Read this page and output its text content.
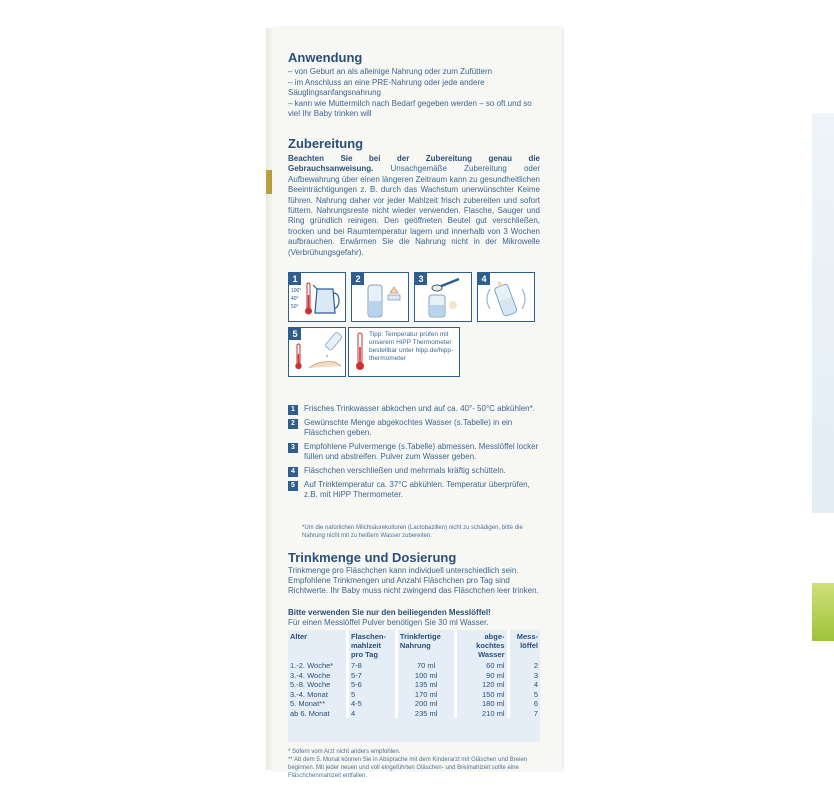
Anwendung
– von Geburt an als alleinige Nahrung oder zum Zufüttern
– im Anschluss an eine PRE-Nahrung oder jede andere Säuglingsanfangsnahrung
– kann wie Muttermilch nach Bedarf gegeben werden – so oft und so viel Ihr Baby trinken will
Zubereitung
Beachten Sie bei der Zubereitung genau die Gebrauchsanweisung. Unsachgemäße Zubereitung oder Aufbewahrung über einen längeren Zeitraum kann zu gesundheitlichen Beeinträchtigungen z. B. durch das Wachstum unerwünschter Keime führen. Nahrung daher vor jeder Mahlzeit frisch zubereiten und sofort füttern. Nahrungsreste nicht wieder verwenden. Flasche, Sauger und Ring gründlich reinigen. Den geöffneten Beutel gut verschließen, trocken und bei Raumtemperatur lagern und innerhalb von 3 Wochen aufbrauchen. Erwärmen Sie die Nahrung nicht in der Mikrowelle (Verbrühungsgefahr).
1
100°
40°
50°
2	3	4
5	Tipp: Temperatur prüfen mit unserem HiPP Thermometer bestellbar unter hipp.de/hipp-thermometer
1	Frisches Trinkwasser abkochen und auf ca. 40°- 50°C abkühlen*.
2	Gewünschte Menge abgekochtes Wasser (s.Tabelle) in ein Fläschchen geben.
3	Empfohlene Pulvermenge (s.Tabelle) abmessen. Messlöffel locker füllen und abstreifen. Pulver zum Wasser geben.
4	Fläschchen verschließen und mehrmals kräftig schütteln.
5	Auf Trinktemperatur ca. 37°C abkühlen. Temperatur überprüfen, z.B. mit HiPP Thermometer.
*Um die natürlichen Milchsäurekulturen (Lactobazillen) nicht zu schädigen, bitte die Nahrung nicht mit zu heißem Wasser zubereiten.
Trinkmenge und Dosierung
Trinkmenge pro Fläschchen kann individuell unterschiedlich sein. Empfohlene Trinkmengen und Anzahl Fläschchen pro Tag sind Richtwerte. Ihr Baby muss nicht zwingend das Fläschchen leer trinken.
Bitte verwenden Sie nur den beiliegenden Messlöffel!
Für einen Messlöffel Pulver benötigen Sie 30 ml Wasser.
Alter	Flaschen-mahlzeit pro Tag	Trinkfertige Nahrung	abge-kochtes Wasser	Mess-löffel
1.-2. Woche*	7-8	70 ml	60 ml	2
3.-4. Woche	5-7	100 ml	90 ml	3
5.-8. Woche	5-6	135 ml	120 ml	4
3.-4. Monat	5	170 ml	150 ml	5
5. Monat**	4-5	200 ml	180 ml	6
ab 6. Monat	4	235 ml	210 ml	7
* Sofern vom Arzt nicht anders empfohlen.
** Ab dem 5. Monat können Sie in Absprache mit dem Kinderarzt mit Gläschen und Breien beginnen. Mit jeder neuen und voll eingeführten Gläschen- und Breimahlzeit sollte eine Fläschchenmahlzeit entfallen.
